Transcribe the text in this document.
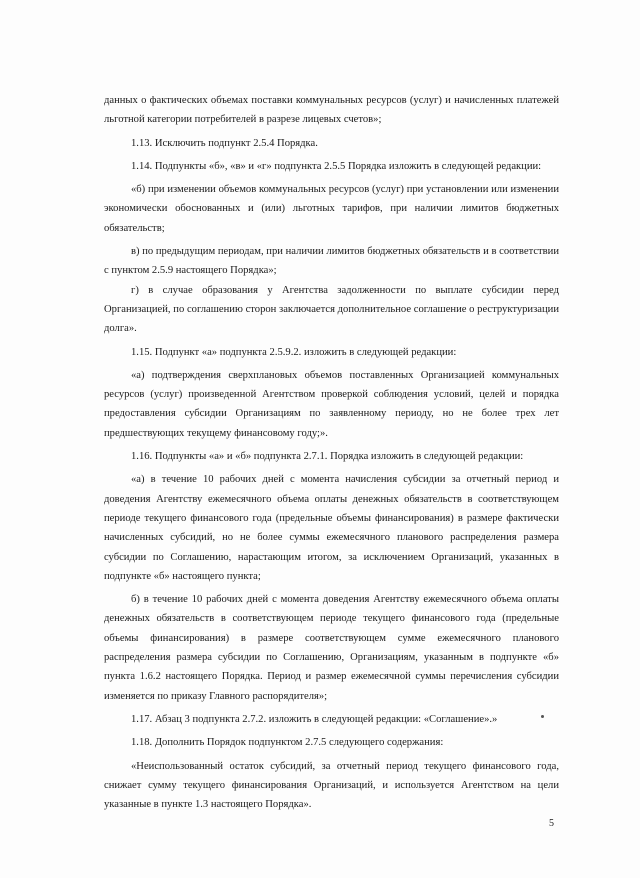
данных о фактических объемах поставки коммунальных ресурсов (услуг) и начисленных платежей льготной категории потребителей в разрезе лицевых счетов»;

1.13. Исключить подпункт 2.5.4 Порядка.

1.14. Подпункты «б», «в» и «г» подпункта 2.5.5 Порядка изложить в следующей редакции:

«б) при изменении объемов коммунальных ресурсов (услуг) при установлении или изменении экономически обоснованных и (или) льготных тарифов, при наличии лимитов бюджетных обязательств;

в) по предыдущим периодам, при наличии лимитов бюджетных обязательств и в соответствии с пунктом 2.5.9 настоящего Порядка»;

г) в случае образования у Агентства задолженности по выплате субсидии перед Организацией, по соглашению сторон заключается дополнительное соглашение о реструктуризации долга».

1.15. Подпункт «а» подпункта 2.5.9.2. изложить в следующей редакции:

«а) подтверждения сверхплановых объемов поставленных Организацией коммунальных ресурсов (услуг) произведенной Агентством проверкой соблюдения условий, целей и порядка предоставления субсидии Организациям по заявленному периоду, но не более трех лет предшествующих текущему финансовому году;».

1.16. Подпункты «а» и «б» подпункта 2.7.1. Порядка изложить в следующей редакции:

«а) в течение 10 рабочих дней с момента начисления субсидии за отчетный период и доведения Агентству ежемесячного объема оплаты денежных обязательств в соответствующем периоде текущего финансового года (предельные объемы финансирования) в размере фактически начисленных субсидий, но не более суммы ежемесячного планового распределения размера субсидии по Соглашению, нарастающим итогом, за исключением Организаций, указанных в подпункте «б» настоящего пункта;

б) в течение 10 рабочих дней с момента доведения Агентству ежемесячного объема оплаты денежных обязательств в соответствующем периоде текущего финансового года (предельные объемы финансирования) в размере соответствующем сумме ежемесячного планового распределения размера субсидии по Соглашению, Организациям, указанным в подпункте «б» пункта 1.6.2 настоящего Порядка. Период и размер ежемесячной суммы перечисления субсидии изменяется по приказу Главного распорядителя»;

1.17. Абзац 3 подпункта 2.7.2. изложить в следующей редакции: «Соглашение».»

1.18. Дополнить Порядок подпунктом 2.7.5 следующего содержания:

«Неиспользованный остаток субсидий, за отчетный период текущего финансового года, снижает сумму текущего финансирования Организаций, и используется Агентством на цели указанные в пункте 1.3 настоящего Порядка».

5
